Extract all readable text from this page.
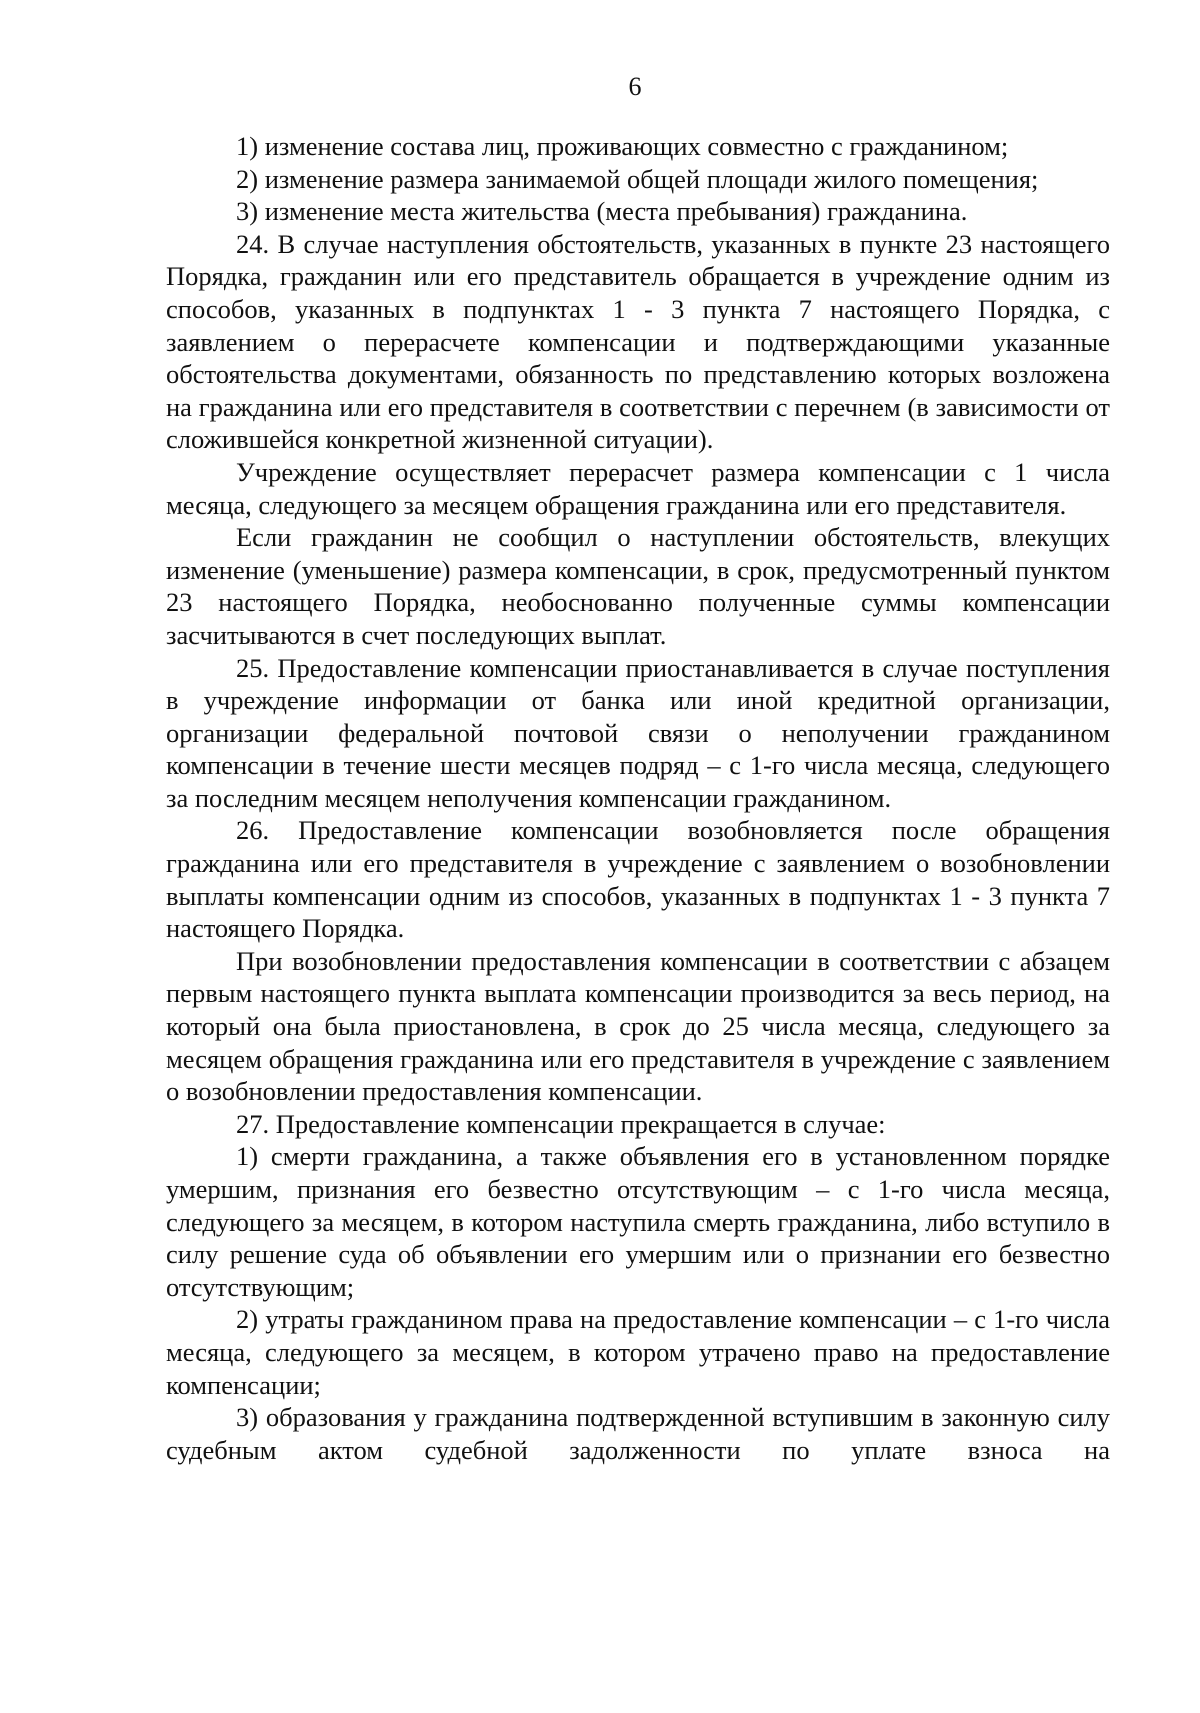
6

1) изменение состава лиц, проживающих совместно с гражданином;

2) изменение размера занимаемой общей площади жилого помещения;

3) изменение места жительства (места пребывания) гражданина.

24. В случае наступления обстоятельств, указанных в пункте 23 настоящего Порядка, гражданин или его представитель обращается в учреждение одним из способов, указанных в подпунктах 1 - 3 пункта 7 настоящего Порядка, с заявлением о перерасчете компенсации и подтверждающими указанные обстоятельства документами, обязанность по представлению которых возложена на гражданина или его представителя в соответствии с перечнем (в зависимости от сложившейся конкретной жизненной ситуации).

Учреждение осуществляет перерасчет размера компенсации с 1 числа месяца, следующего за месяцем обращения гражданина или его представителя.

Если гражданин не сообщил о наступлении обстоятельств, влекущих изменение (уменьшение) размера компенсации, в срок, предусмотренный пунктом 23 настоящего Порядка, необоснованно полученные суммы компенсации засчитываются в счет последующих выплат.

25. Предоставление компенсации приостанавливается в случае поступления в учреждение информации от банка или иной кредитной организации, организации федеральной почтовой связи о неполучении гражданином компенсации в течение шести месяцев подряд – с 1-го числа месяца, следующего за последним месяцем неполучения компенсации гражданином.

26. Предоставление компенсации возобновляется после обращения гражданина или его представителя в учреждение с заявлением о возобновлении выплаты компенсации одним из способов, указанных в подпунктах 1 - 3 пункта 7 настоящего Порядка.

При возобновлении предоставления компенсации в соответствии с абзацем первым настоящего пункта выплата компенсации производится за весь период, на который она была приостановлена, в срок до 25 числа месяца, следующего за месяцем обращения гражданина или его представителя в учреждение с заявлением о возобновлении предоставления компенсации.

27. Предоставление компенсации прекращается в случае:

1) смерти гражданина, а также объявления его в установленном порядке умершим, признания его безвестно отсутствующим – с 1-го числа месяца, следующего за месяцем, в котором наступила смерть гражданина, либо вступило в силу решение суда об объявлении его умершим или о признании его безвестно отсутствующим;

2) утраты гражданином права на предоставление компенсации – с 1-го числа месяца, следующего за месяцем, в котором утрачено право на предоставление компенсации;

3) образования у гражданина подтвержденной вступившим в законную силу судебным актом судебной задолженности по уплате взноса на
